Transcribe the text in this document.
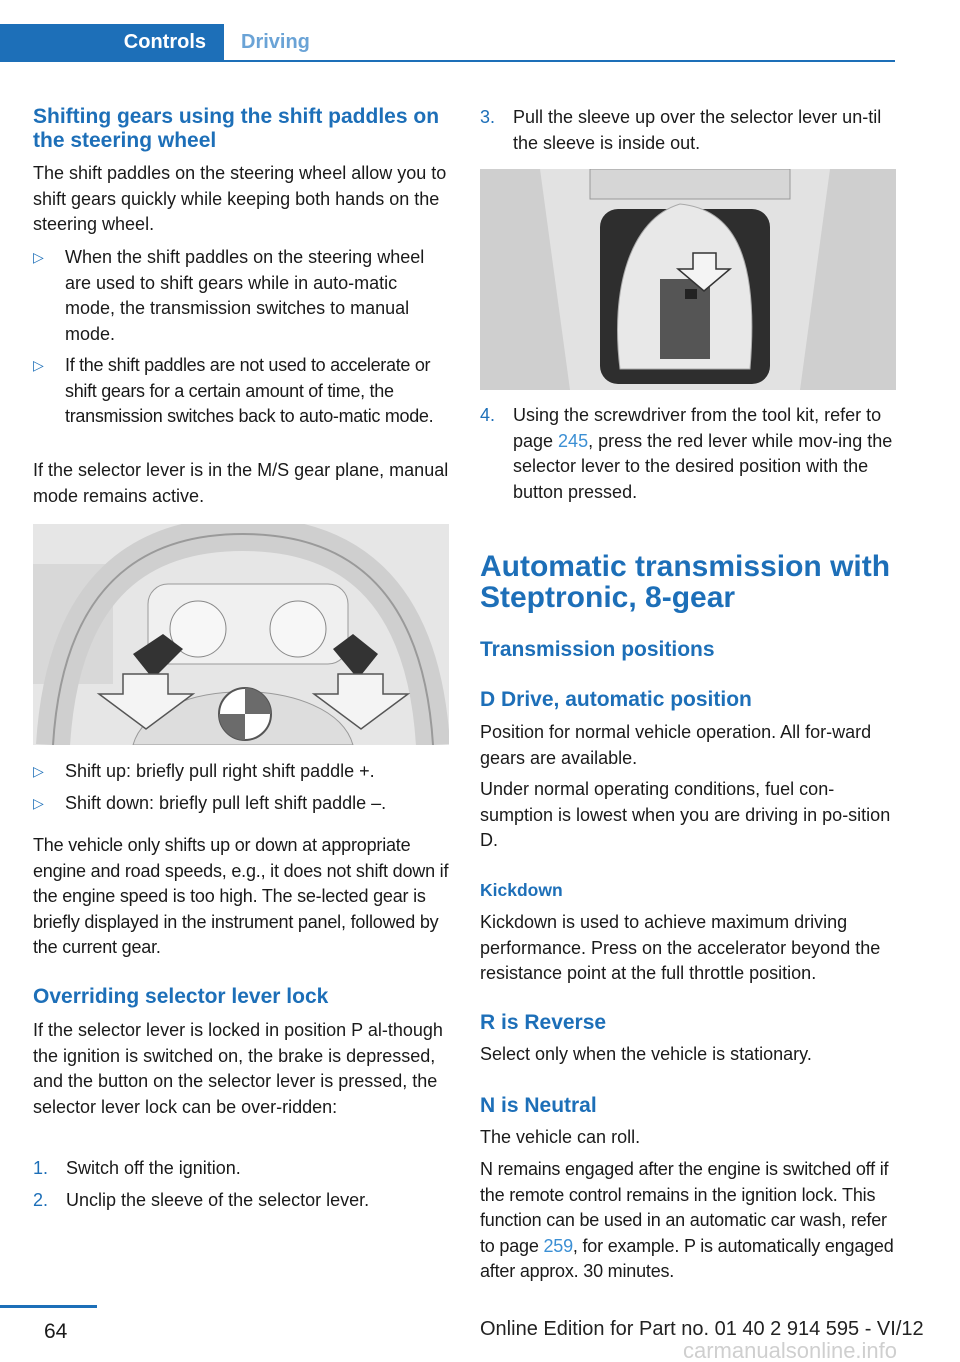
Controls	Driving
Shifting gears using the shift paddles on the steering wheel

The shift paddles on the steering wheel allow you to shift gears quickly while keeping both hands on the steering wheel.

▷	When the shift paddles on the steering wheel are used to shift gears while in auto-matic mode, the transmission switches to manual mode.
▷	If the shift paddles are not used to accelerate or shift gears for a certain amount of time, the transmission switches back to auto-matic mode.

If the selector lever is in the M/S gear plane, manual mode remains active.

▷	Shift up: briefly pull right shift paddle +.
▷	Shift down: briefly pull left shift paddle –.

The vehicle only shifts up or down at appropriate engine and road speeds, e.g., it does not shift down if the engine speed is too high. The se-lected gear is briefly displayed in the instrument panel, followed by the current gear.

Overriding selector lever lock

If the selector lever is locked in position P al-though the ignition is switched on, the brake is depressed, and the button on the selector lever is pressed, the selector lever lock can be over-ridden:

1. Switch off the ignition.
2. Unclip the sleeve of the selector lever.
3. Pull the sleeve up over the selector lever un-til the sleeve is inside out.
4. Using the screwdriver from the tool kit, refer to page 245, press the red lever while mov-ing the selector lever to the desired position with the button pressed.
Automatic transmission with Steptronic, 8-gear
Transmission positions
D Drive, automatic position

Position for normal vehicle operation. All for-ward gears are available.

Under normal operating conditions, fuel con-sumption is lowest when you are driving in po-sition D.

Kickdown

Kickdown is used to achieve maximum driving performance. Press on the accelerator beyond the resistance point at the full throttle position.

R is Reverse

Select only when the vehicle is stationary.

N is Neutral

The vehicle can roll.

N remains engaged after the engine is switched off if the remote control remains in the ignition lock. This function can be used in an automatic car wash, refer to page 259, for example. P is automatically engaged after approx. 30 minutes.

64	Online Edition for Part no. 01 40 2 914 595 - VI/12
carmanualsonline.info
